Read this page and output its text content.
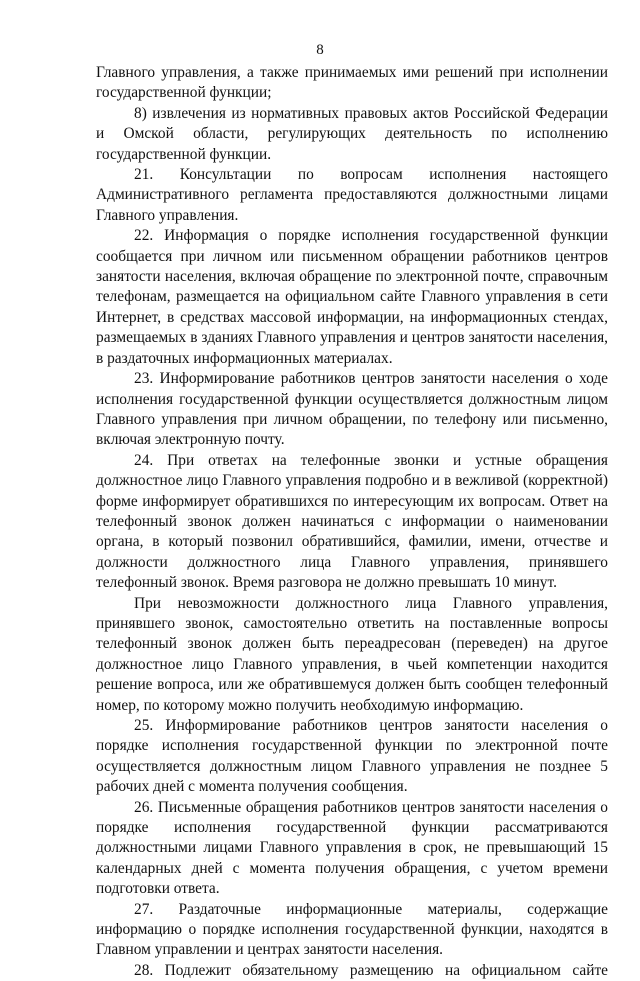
8

Главного управления, а также принимаемых ими решений при исполнении государственной функции;

8) извлечения из нормативных правовых актов Российской Федерации и Омской области, регулирующих деятельность по исполнению государственной функции.

21. Консультации по вопросам исполнения настоящего Административного регламента предоставляются должностными лицами Главного управления.

22. Информация о порядке исполнения государственной функции сообщается при личном или письменном обращении работников центров занятости населения, включая обращение по электронной почте, справочным телефонам, размещается на официальном сайте Главного управления в сети Интернет, в средствах массовой информации, на информационных стендах, размещаемых в зданиях Главного управления и центров занятости населения, в раздаточных информационных материалах.

23. Информирование работников центров занятости населения о ходе исполнения государственной функции осуществляется должностным лицом Главного управления при личном обращении, по телефону или письменно, включая электронную почту.

24. При ответах на телефонные звонки и устные обращения должностное лицо Главного управления подробно и в вежливой (корректной) форме информирует обратившихся по интересующим их вопросам. Ответ на телефонный звонок должен начинаться с информации о наименовании органа, в который позвонил обратившийся, фамилии, имени, отчестве и должности должностного лица Главного управления, принявшего телефонный звонок. Время разговора не должно превышать 10 минут.

При невозможности должностного лица Главного управления, принявшего звонок, самостоятельно ответить на поставленные вопросы телефонный звонок должен быть переадресован (переведен) на другое должностное лицо Главного управления, в чьей компетенции находится решение вопроса, или же обратившемуся должен быть сообщен телефонный номер, по которому можно получить необходимую информацию.

25. Информирование работников центров занятости населения о порядке исполнения государственной функции по электронной почте осуществляется должностным лицом Главного управления не позднее 5 рабочих дней с момента получения сообщения.

26. Письменные обращения работников центров занятости населения о порядке исполнения государственной функции рассматриваются должностными лицами Главного управления в срок, не превышающий 15 календарных дней с момента получения обращения, с учетом времени подготовки ответа.

27. Раздаточные информационные материалы, содержащие информацию о порядке исполнения государственной функции, находятся в Главном управлении и центрах занятости населения.

28. Подлежит обязательному размещению на официальном сайте
